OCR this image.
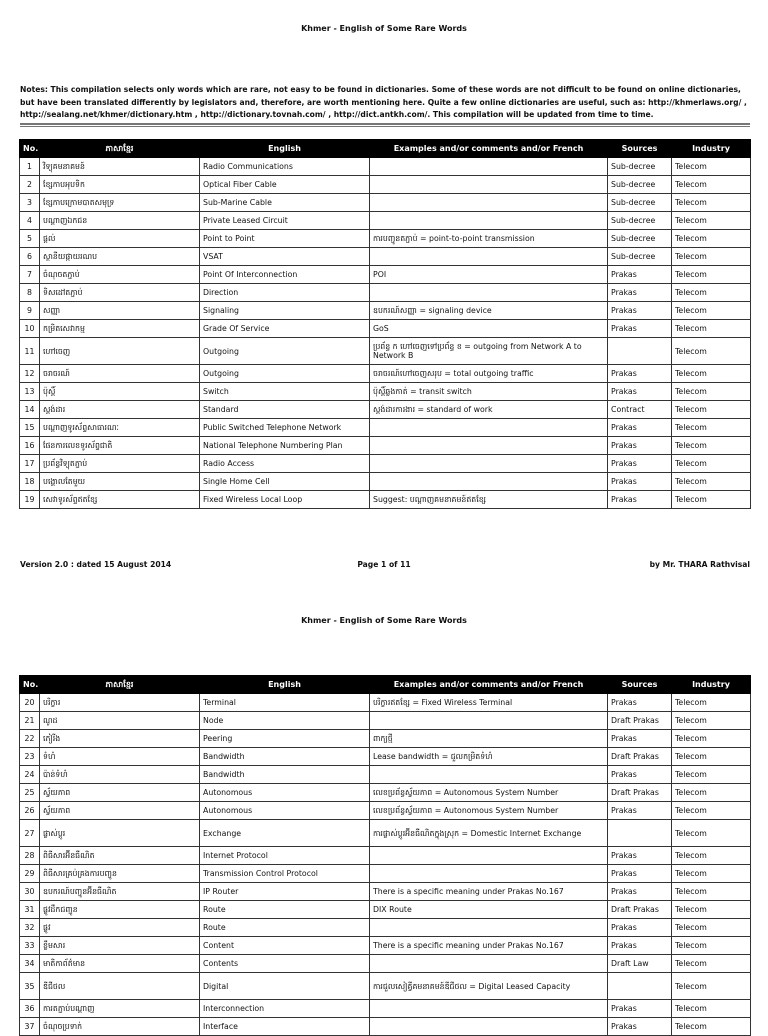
Khmer - English of Some Rare Words
Notes: This compilation selects only words which are rare, not easy to be found in dictionaries. Some of these words are not difficult to be found on online dictionaries, but have been translated differently by legislators and, therefore, are worth mentioning here. Quite a few online dictionaries are useful, such as: http://khmerlaws.org/ , http://sealang.net/khmer/dictionary.htm , http://dictionary.tovnah.com/ , http://dict.antkh.com/. This compilation will be updated from time to time.
No.	ភាសាខ្មែរ	English	Examples and/or comments and/or French	Sources	Industry
1	វិទ្យុគមនាគមន៍	Radio Communications		Sub-decree	Telecom
2	ខ្សែកាបអុបទិក	Optical Fiber Cable		Sub-decree	Telecom
3	ខ្សែកាបក្រោមបាតសមុទ្រ	Sub-Marine Cable		Sub-decree	Telecom
4	បណ្តាញឯកជន	Private Leased Circuit		Sub-decree	Telecom
5	ផ្តល់	Point to Point	ការបញ្ជូនតភ្ជាប់ = point-to-point transmission	Sub-decree	Telecom
6	ស្ថានីយផ្កាយរណប	VSAT		Sub-decree	Telecom
7	ចំណុចតភ្ជាប់	Point Of Interconnection	POI	Prakas	Telecom
8	ទិសដៅតភ្ជាប់	Direction		Prakas	Telecom
9	សញ្ញា	Signaling	ឧបករណ៍សញ្ញា = signaling device	Prakas	Telecom
10	កម្រិតសេវាកម្ម	Grade Of Service	GoS	Prakas	Telecom
11	ហៅចេញ	Outgoing	ប្រព័ន្ធ ក ហៅចេញទៅប្រព័ន្ធ ខ = outgoing from Network A to Network B		Telecom
12	ចរាចរណ៍	Outgoing	ចរាចរណ៍ហៅចេញសរុប = total outgoing traffic	Prakas	Telecom
13	ប៉ុស្តិ៍	Switch	ប៉ុស្តិ៍ឆ្លងកាត់ = transit switch	Prakas	Telecom
14	ស្តង់ដារ	Standard	ស្តង់ដារការងារ = standard of work	Contract	Telecom
15	បណ្តាញទូរស័ព្ទសាធារណៈ	Public Switched Telephone Network		Prakas	Telecom
16	ផែនការលេខទូរស័ព្ទជាតិ	National Telephone Numbering Plan		Prakas	Telecom
17	ប្រព័ន្ធវិទ្យុតភ្ជាប់	Radio Access		Prakas	Telecom
18	បង្គោលតែមួយ	Single Home Cell		Prakas	Telecom
19	សេវាទូរស័ព្ទឥតខ្សែ	Fixed Wireless Local Loop	Suggest: បណ្តាញគមនាគមន៍ឥតខ្សែ	Prakas	Telecom
Version 2.0 : dated 15 August 2014	Page 1 of 11	by Mr. THARA Rathvisal
Khmer - English of Some Rare Words
No.	ភាសាខ្មែរ	English	Examples and/or comments and/or French	Sources	Industry
20	បរិក្ខារ	Terminal	បរិក្ខារឥតខ្សែ = Fixed Wireless Terminal	Prakas	Telecom
21	ណូដ	Node		Draft Prakas	Telecom
22	ភៀរីង	Peering	ពាក្យថ្មី	Prakas	Telecom
23	ទំហំ	Bandwidth	Lease bandwidth = ជួលកម្រិតទំហំ	Draft Prakas	Telecom
24	ប៉ាន់ទំហំ	Bandwidth		Prakas	Telecom
25	ស្វ័យភាព	Autonomous	លេខប្រព័ន្ធស្វ័យភាព = Autonomous System Number	Draft Prakas	Telecom
26	ស្វ័យភាព	Autonomous	លេខប្រព័ន្ធស្វ័យភាព = Autonomous System Number	Prakas	Telecom
27	ផ្លាស់ប្តូរ	Exchange	ការផ្លាស់ប្តូរអ៊ីនធឺណិតក្នុងស្រុក = Domestic Internet Exchange		Telecom
28	ពិធីសារអ៊ីនធឺណិត	Internet Protocol		Prakas	Telecom
29	ពិធីសារគ្រប់គ្រងការបញ្ជូន	Transmission Control Protocol		Prakas	Telecom
30	ឧបករណ៍បញ្ជូនអ៊ីនធឺណិត	IP Router	There is a specific meaning under Prakas No.167	Prakas	Telecom
31	ផ្លូវដឹកជញ្ជូន	Route	DIX Route	Draft Prakas	Telecom
32	ផ្លូវ	Route		Prakas	Telecom
33	ខ្លឹមសារ	Content	There is a specific meaning under Prakas No.167	Prakas	Telecom
34	មាតិកាព័ត៌មាន	Contents		Draft Law	Telecom
35	ឌីជីថល	Digital	ការជួលសៀគ្វីគមនាគមន៍ឌីជីថល = Digital Leased Capacity		Telecom
36	ការតភ្ជាប់បណ្តាញ	Interconnection		Prakas	Telecom
37	ចំណុចប្រទាក់	Interface		Prakas	Telecom
